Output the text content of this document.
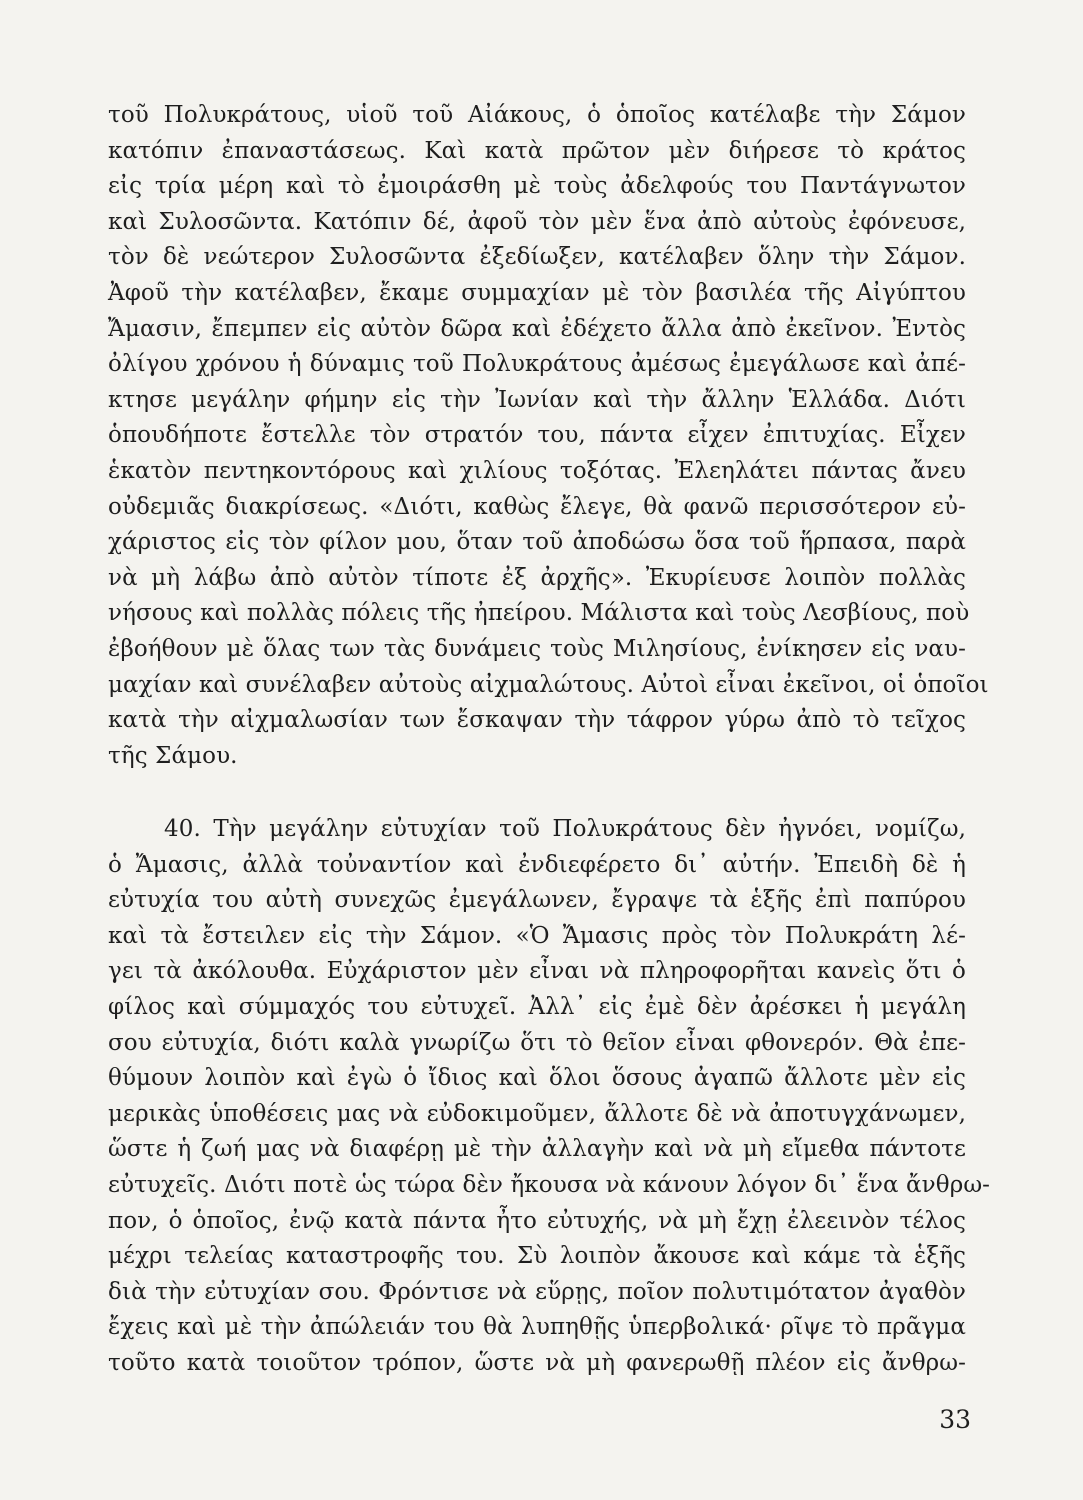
τοῦ Πολυκράτους, υἱοῦ τοῦ Αἰάκους, ὁ ὁποῖος κατέλαβε τὴν Σάμον
κατόπιν ἐπαναστάσεως. Καὶ κατὰ πρῶτον μὲν διήρεσε τὸ κράτος
εἰς τρία μέρη καὶ τὸ ἐμοιράσθη μὲ τοὺς ἀδελφούς του Παντάγνωτον
καὶ Συλοσῶντα. Κατόπιν δέ, ἀφοῦ τὸν μὲν ἕνα ἀπὸ αὐτοὺς ἐφόνευσε,
τὸν δὲ νεώτερον Συλοσῶντα ἐξεδίωξεν, κατέλαβεν ὅλην τὴν Σάμον.
Ἀφοῦ τὴν κατέλαβεν, ἔκαμε συμμαχίαν μὲ τὸν βασιλέα τῆς Αἰγύπτου
Ἄμασιν, ἔπεμπεν εἰς αὐτὸν δῶρα καὶ ἐδέχετο ἄλλα ἀπὸ ἐκεῖνον. Ἐντὸς
ὀλίγου χρόνου ἡ δύναμις τοῦ Πολυκράτους ἀμέσως ἐμεγάλωσε καὶ ἀπέ-
κτησε μεγάλην φήμην εἰς τὴν Ἰωνίαν καὶ τὴν ἄλλην Ἑλλάδα. Διότι
ὁπουδήποτε ἔστελλε τὸν στρατόν του, πάντα εἶχεν ἐπιτυχίας. Εἶχεν
ἑκατὸν πεντηκοντόρους καὶ χιλίους τοξότας. Ἐλεηλάτει πάντας ἄνευ
οὐδεμιᾶς διακρίσεως. «Διότι, καθὼς ἔλεγε, θὰ φανῶ περισσότερον εὐ-
χάριστος εἰς τὸν φίλον μου, ὅταν τοῦ ἀποδώσω ὅσα τοῦ ἥρπασα, παρὰ
νὰ μὴ λάβω ἀπὸ αὐτὸν τίποτε ἐξ ἀρχῆς». Ἐκυρίευσε λοιπὸν πολλὰς
νήσους καὶ πολλὰς πόλεις τῆς ἠπείρου. Μάλιστα καὶ τοὺς Λεσβίους, ποὺ
ἐβοήθουν μὲ ὅλας των τὰς δυνάμεις τοὺς Μιλησίους, ἐνίκησεν εἰς ναυ-
μαχίαν καὶ συνέλαβεν αὐτοὺς αἰχμαλώτους. Αὐτοὶ εἶναι ἐκεῖνοι, οἱ ὁποῖοι
κατὰ τὴν αἰχμαλωσίαν των ἔσκαψαν τὴν τάφρον γύρω ἀπὸ τὸ τεῖχος
τῆς Σάμου.
40. Τὴν μεγάλην εὐτυχίαν τοῦ Πολυκράτους δὲν ἠγνόει, νομίζω,
ὁ Ἄμασις, ἀλλὰ τοὐναντίον καὶ ἐνδιεφέρετο δι᾿ αὐτήν. Ἐπειδὴ δὲ ἡ
εὐτυχία του αὐτὴ συνεχῶς ἐμεγάλωνεν, ἔγραψε τὰ ἑξῆς ἐπὶ παπύρου
καὶ τὰ ἔστειλεν εἰς τὴν Σάμον. «Ὁ Ἄμασις πρὸς τὸν Πολυκράτη λέ-
γει τὰ ἀκόλουθα. Εὐχάριστον μὲν εἶναι νὰ πληροφορῆται κανεὶς ὅτι ὁ
φίλος καὶ σύμμαχός του εὐτυχεῖ. Ἀλλ᾿ εἰς ἐμὲ δὲν ἀρέσκει ἡ μεγάλη
σου εὐτυχία, διότι καλὰ γνωρίζω ὅτι τὸ θεῖον εἶναι φθονερόν. Θὰ ἐπε-
θύμουν λοιπὸν καὶ ἐγὼ ὁ ἴδιος καὶ ὅλοι ὅσους ἀγαπῶ ἄλλοτε μὲν εἰς
μερικὰς ὑποθέσεις μας νὰ εὐδοκιμοῦμεν, ἄλλοτε δὲ νὰ ἀποτυγχάνωμεν,
ὥστε ἡ ζωή μας νὰ διαφέρῃ μὲ τὴν ἀλλαγὴν καὶ νὰ μὴ εἴμεθα πάντοτε
εὐτυχεῖς. Διότι ποτὲ ὡς τώρα δὲν ἤκουσα νὰ κάνουν λόγον δι᾿ ἕνα ἄνθρω-
πον, ὁ ὁποῖος, ἐνῷ κατὰ πάντα ἦτο εὐτυχής, νὰ μὴ ἔχῃ ἐλεεινὸν τέλος
μέχρι τελείας καταστροφῆς του. Σὺ λοιπὸν ἄκουσε καὶ κάμε τὰ ἑξῆς
διὰ τὴν εὐτυχίαν σου. Φρόντισε νὰ εὕρῃς, ποῖον πολυτιμότατον ἀγαθὸν
ἔχεις καὶ μὲ τὴν ἀπώλειάν του θὰ λυπηθῇς ὑπερβολικά· ρῖψε τὸ πρᾶγμα
τοῦτο κατὰ τοιοῦτον τρόπον, ὥστε νὰ μὴ φανερωθῇ πλέον εἰς ἄνθρω-
33
